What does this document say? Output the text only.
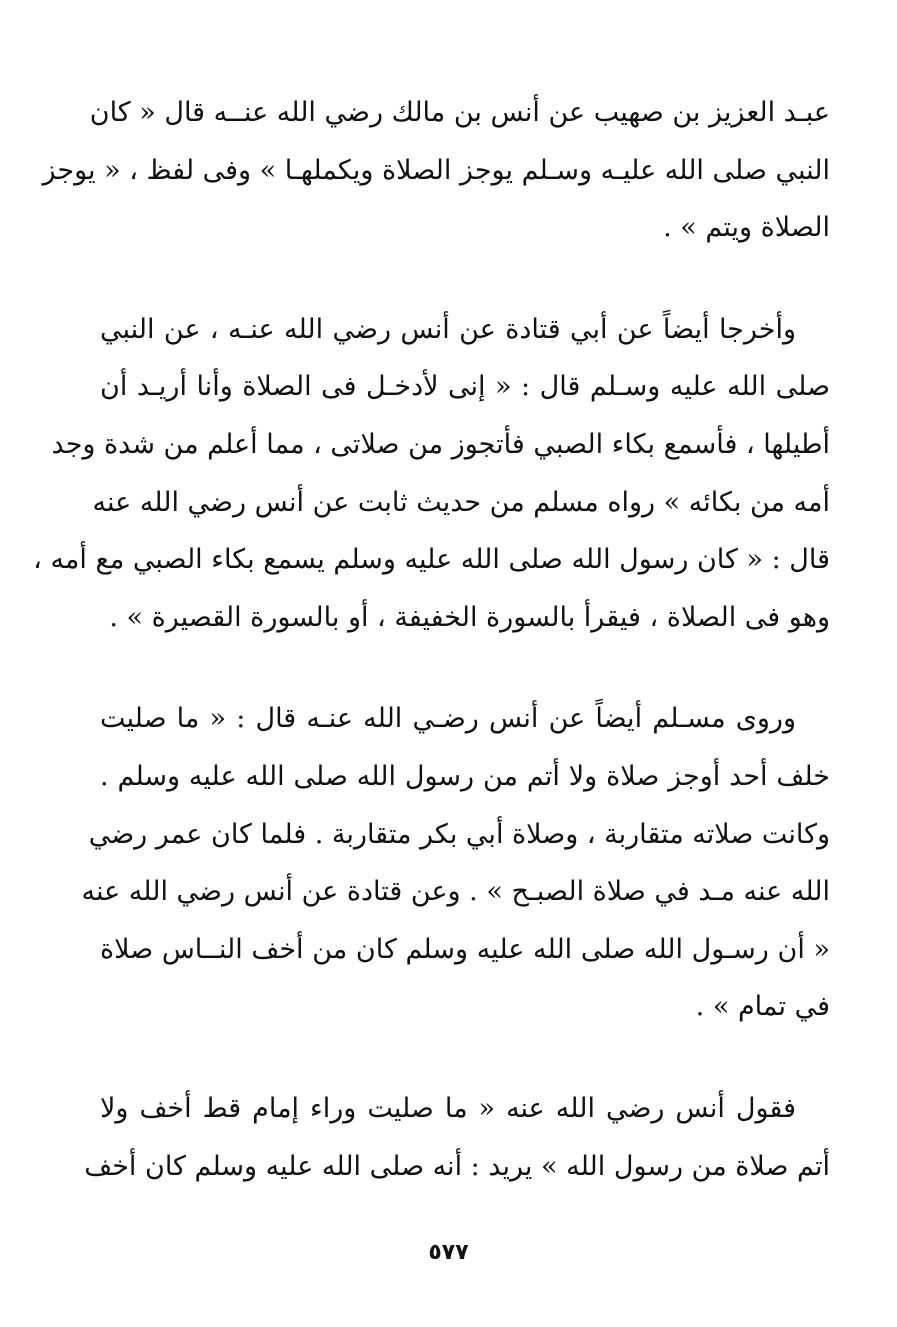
عبـد العزيز بن صهيب عن أنس بن مالك رضي الله عنــه قال « كان
النبي صلى الله عليـه وسـلم يوجز الصلاة ويكملهـا » وفى لفظ ، « يوجز
الصلاة ويتم » .
وأخرجا أيضاً عن أبي قتادة عن أنس رضي الله عنـه ، عن النبي
صلى الله عليه وسـلم قال : « إنى لأدخـل فى الصلاة وأنا أريـد أن
أطيلها ، فأسمع بكاء الصبي فأتجوز من صلاتى ، مما أعلم من شدة وجد
أمه من بكائه » رواه مسلم من حديث ثابت عن أنس رضي الله عنه
قال : « كان رسول الله صلى الله عليه وسلم يسمع بكاء الصبي مع أمه ،
وهو فى الصلاة ، فيقرأ بالسورة الخفيفة ، أو بالسورة القصيرة » .
وروى مسـلم أيضاً عن أنس رضـي الله عنـه قال : « ما صليت
خلف أحد أوجز صلاة ولا أتم من رسول الله صلى الله عليه وسلم .
وكانت صلاته متقاربة ، وصلاة أبي بكر متقاربة . فلما كان عمر رضي
الله عنه مـد في صلاة الصبـح » . وعن قتادة عن أنس رضي الله عنه
« أن رسـول الله صلى الله عليه وسلم كان من أخف النــاس صلاة
في تمام » .
فقول أنس رضي الله عنه « ما صليت وراء إمام قط أخف ولا
أتم صلاة من رسول الله » يريد : أنه صلى الله عليه وسلم كان أخف
٥٧٧
